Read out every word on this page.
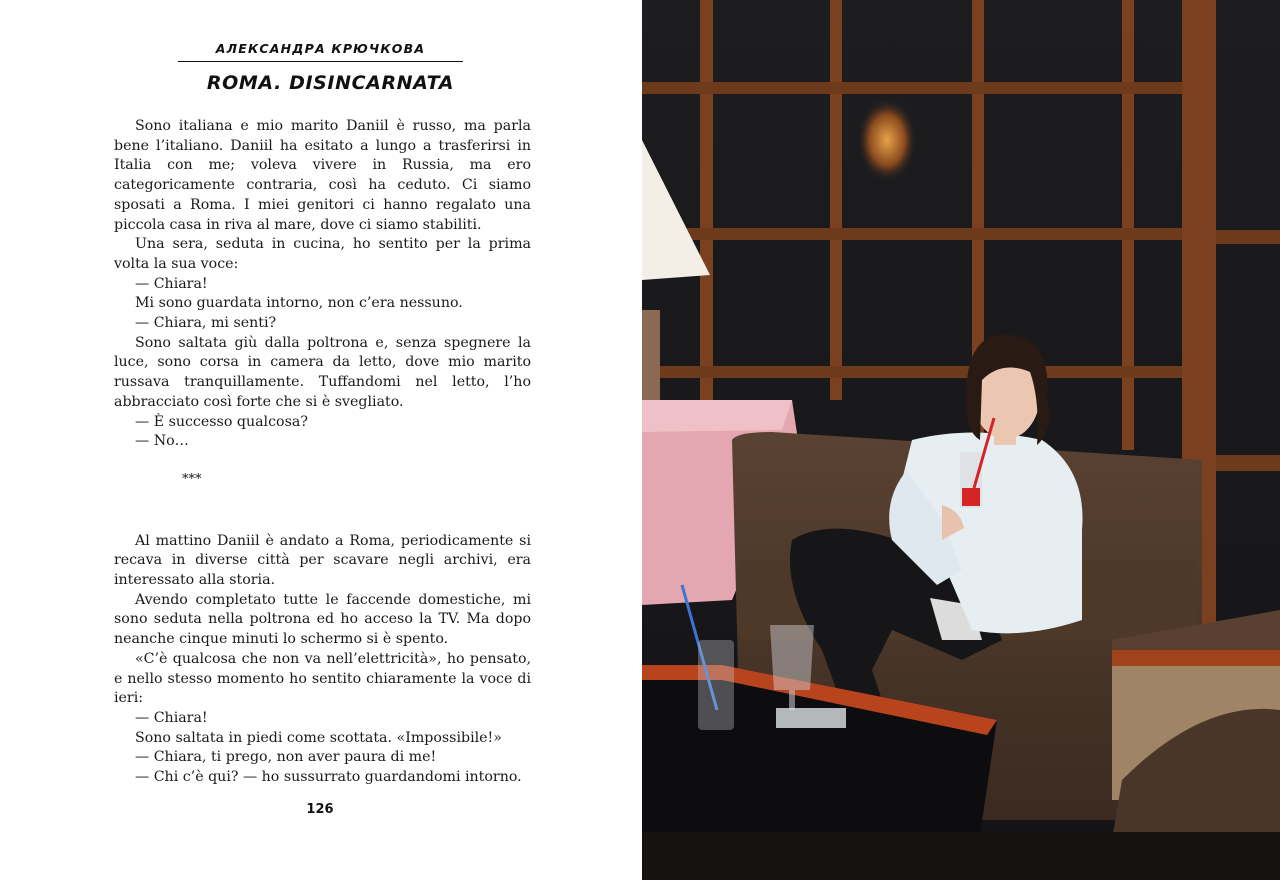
АЛЕКСАНДРА КРЮЧКОВА
ROMA. DISINCARNATA

Sono italiana e mio marito Daniil è russo, ma parla bene l’italiano. Daniil ha esitato a lungo a trasferirsi in Italia con me; voleva vivere in Russia, ma ero categoricamente contraria, così ha ceduto. Ci siamo sposati a Roma. I miei genitori ci hanno regalato una piccola casa in riva al mare, dove ci siamo stabiliti.

Una sera, seduta in cucina, ho sentito per la prima volta la sua voce:

— Chiara!

Mi sono guardata intorno, non c’era nessuno.

— Chiara, mi senti?

Sono saltata giù dalla poltrona e, senza spegnere la luce, sono corsa in camera da letto, dove mio marito russava tranquillamente. Tuffandomi nel letto, l’ho abbracciato così forte che si è svegliato.

— È successo qualcosa?

— No…

***

Al mattino Daniil è andato a Roma, periodicamente si recava in diverse città per scavare negli archivi, era interessato alla storia.

Avendo completato tutte le faccende domestiche, mi sono seduta nella poltrona ed ho acceso la TV. Ma dopo neanche cinque minuti lo schermo si è spento.

«C’è qualcosa che non va nell’elettricità», ho pensato, e nello stesso momento ho sentito chiaramente la voce di ieri:

— Chiara!

Sono saltata in piedi come scottata. «Impossibile!»

— Chiara, ti prego, non aver paura di me!

— Chi c’è qui? — ho sussurrato guardandomi intorno.

126
